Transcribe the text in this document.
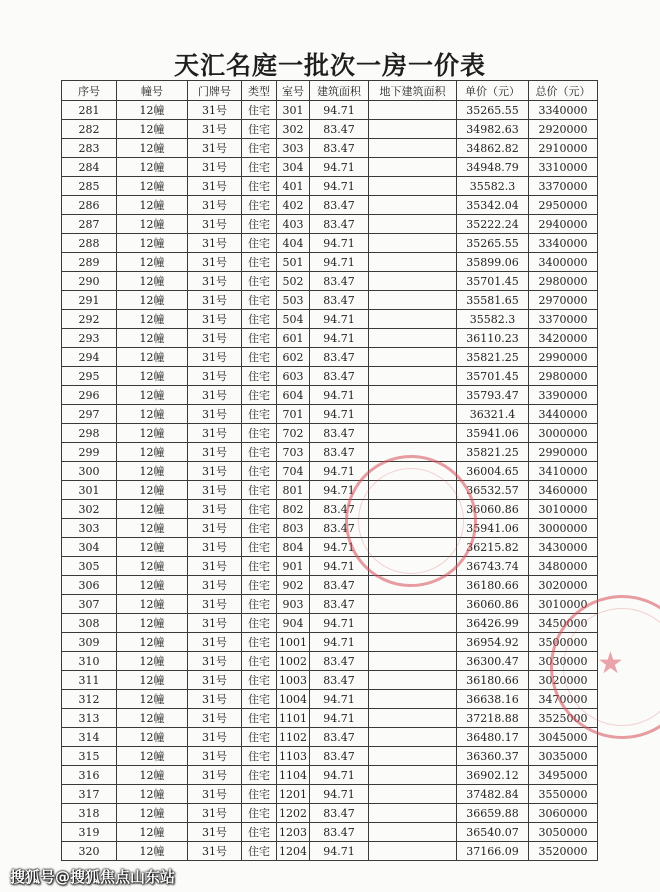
天汇名庭一批次一房一价表
序号	幢号	门牌号	类型	室号	建筑面积	地下建筑面积	单价（元）	总价（元）
281	12幢	31号	住宅	301	94.71		35265.55	3340000
282	12幢	31号	住宅	302	83.47		34982.63	2920000
283	12幢	31号	住宅	303	83.47		34862.82	2910000
284	12幢	31号	住宅	304	94.71		34948.79	3310000
285	12幢	31号	住宅	401	94.71		35582.3	3370000
286	12幢	31号	住宅	402	83.47		35342.04	2950000
287	12幢	31号	住宅	403	83.47		35222.24	2940000
288	12幢	31号	住宅	404	94.71		35265.55	3340000
289	12幢	31号	住宅	501	94.71		35899.06	3400000
290	12幢	31号	住宅	502	83.47		35701.45	2980000
291	12幢	31号	住宅	503	83.47		35581.65	2970000
292	12幢	31号	住宅	504	94.71		35582.3	3370000
293	12幢	31号	住宅	601	94.71		36110.23	3420000
294	12幢	31号	住宅	602	83.47		35821.25	2990000
295	12幢	31号	住宅	603	83.47		35701.45	2980000
296	12幢	31号	住宅	604	94.71		35793.47	3390000
297	12幢	31号	住宅	701	94.71		36321.4	3440000
298	12幢	31号	住宅	702	83.47		35941.06	3000000
299	12幢	31号	住宅	703	83.47		35821.25	2990000
300	12幢	31号	住宅	704	94.71		36004.65	3410000
301	12幢	31号	住宅	801	94.71		36532.57	3460000
302	12幢	31号	住宅	802	83.47		36060.86	3010000
303	12幢	31号	住宅	803	83.47		35941.06	3000000
304	12幢	31号	住宅	804	94.71		36215.82	3430000
305	12幢	31号	住宅	901	94.71		36743.74	3480000
306	12幢	31号	住宅	902	83.47		36180.66	3020000
307	12幢	31号	住宅	903	83.47		36060.86	3010000
308	12幢	31号	住宅	904	94.71		36426.99	3450000
309	12幢	31号	住宅	1001	94.71		36954.92	3500000
310	12幢	31号	住宅	1002	83.47		36300.47	3030000
311	12幢	31号	住宅	1003	83.47		36180.66	3020000
312	12幢	31号	住宅	1004	94.71		36638.16	3470000
313	12幢	31号	住宅	1101	94.71		37218.88	3525000
314	12幢	31号	住宅	1102	83.47		36480.17	3045000
315	12幢	31号	住宅	1103	83.47		36360.37	3035000
316	12幢	31号	住宅	1104	94.71		36902.12	3495000
317	12幢	31号	住宅	1201	94.71		37482.84	3550000
318	12幢	31号	住宅	1202	83.47		36659.88	3060000
319	12幢	31号	住宅	1203	83.47		36540.07	3050000
320	12幢	31号	住宅	1204	94.71		37166.09	3520000
★
搜狐号@搜狐焦点山东站
